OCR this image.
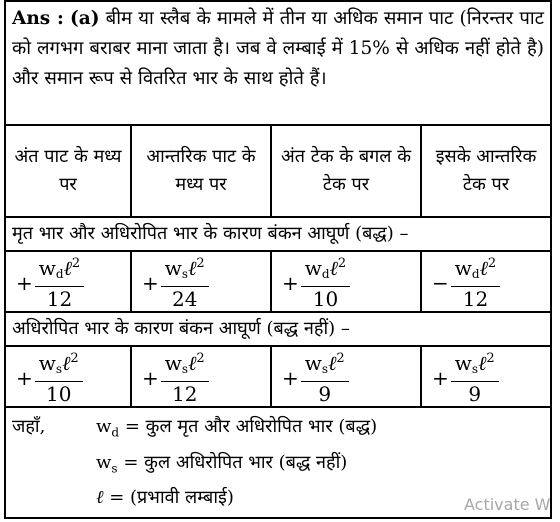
Ans : (a) बीम या स्लैब के मामले में तीन या अधिक समान पाट (निरन्तर पाट को लगभग बराबर माना जाता है। जब वे लम्बाई में 15% से अधिक नहीं होते है) और समान रूप से वितरित भार के साथ होते हैं।			
अंत पाट के मध्य पर	आन्तरिक पाट के मध्य पर	अंत टेक के बगल के टेक पर	इसके आन्तरिक टेक पर
मृत भार और अधिरोपित भार के कारण बंकन आघूर्ण (बद्ध) –			

+ $\frac{w_d\ell^2}{12}$	+ $\frac{w_s\ell^2}{24}$	+ $\frac{w_d\ell^2}{10}$	− $\frac{w_d\ell^2}{12}$

अधिरोपित भार के कारण बंकन आघूर्ण (बद्ध नहीं) –			

+ $\frac{w_s\ell^2}{10}$	+ $\frac{w_s\ell^2}{12}$	+ $\frac{w_s\ell^2}{9}$	+ $\frac{w_s\ell^2}{9}$

जहाँ, $w_d$ = कुल मृत और अधिरोपित भार (बद्ध)
$w_s$ = कुल अधिरोपित भार (बद्ध नहीं)
ℓ = (प्रभावी लम्बाई)				Activate W
